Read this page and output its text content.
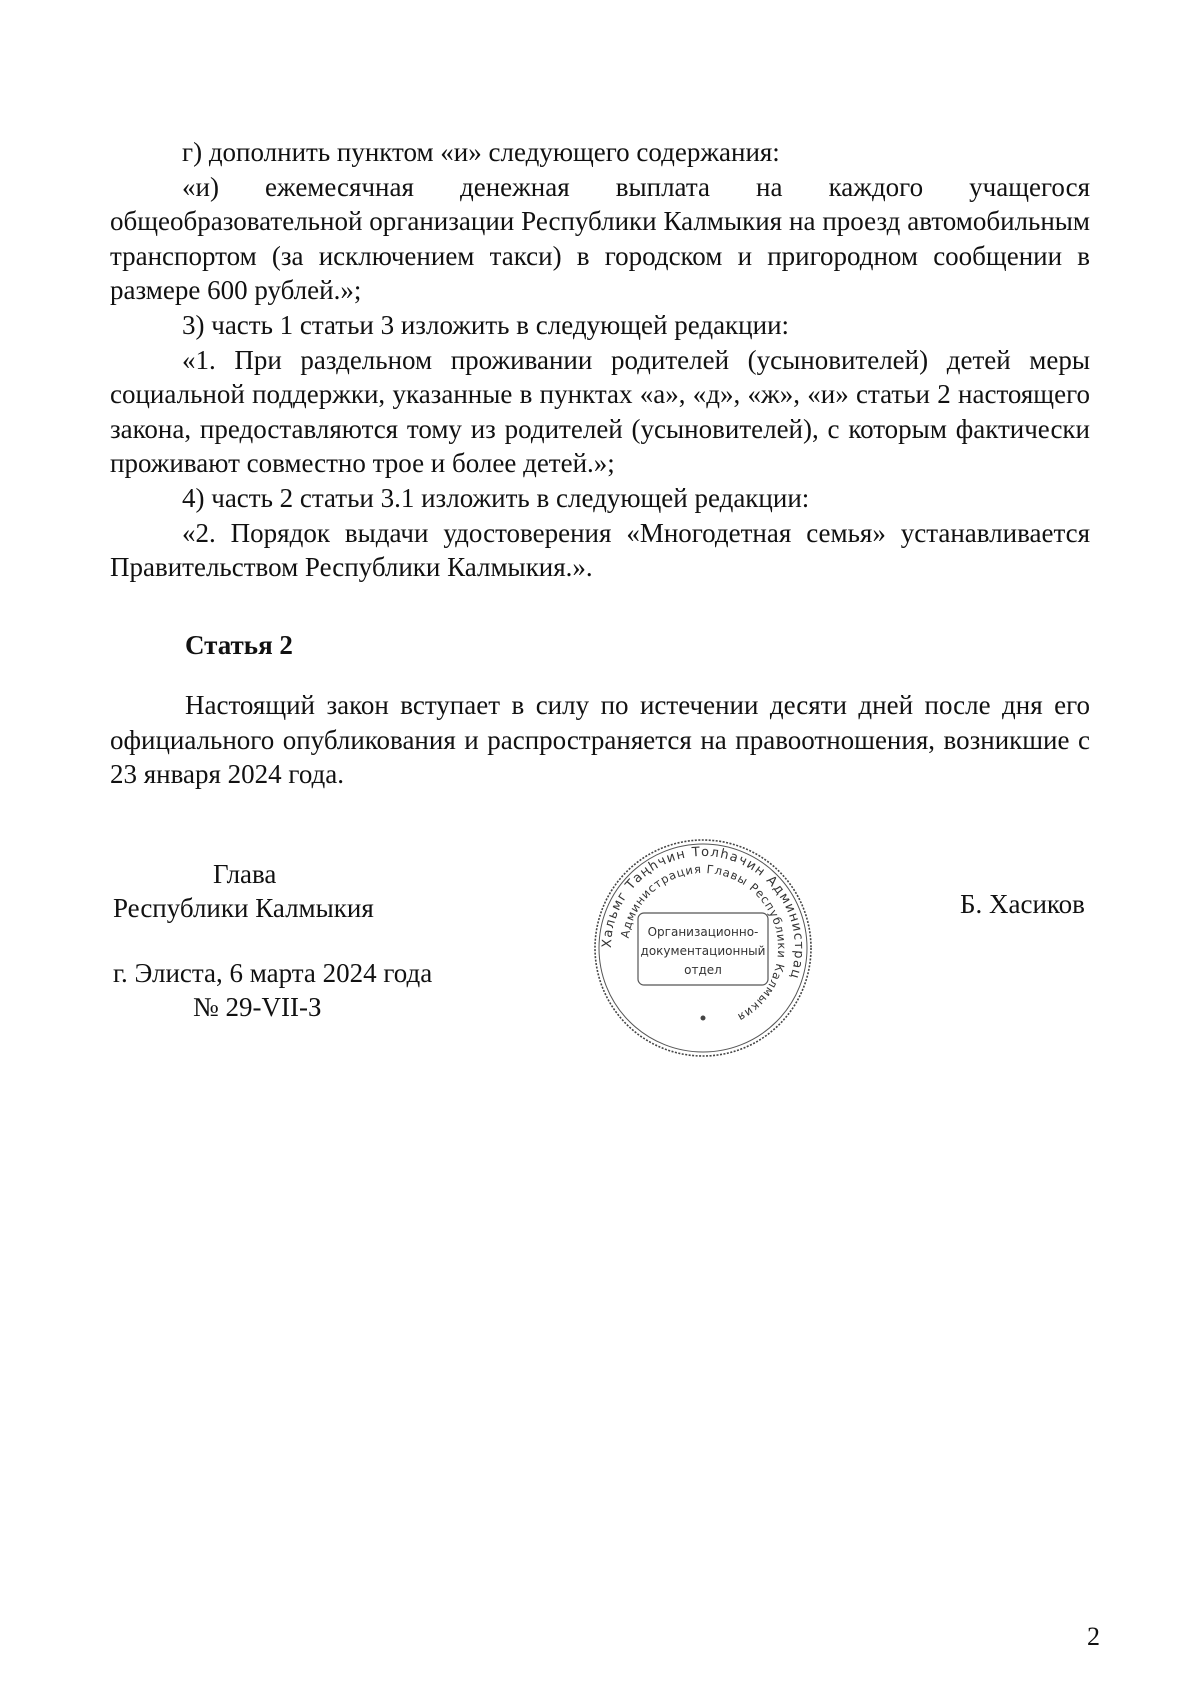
г) дополнить пунктом «и» следующего содержания:

«и) ежемесячная денежная выплата на каждого учащегося общеобразовательной организации Республики Калмыкия на проезд автомобильным транспортом (за исключением такси) в городском и пригородном сообщении в размере 600 рублей.»;

3) часть 1 статьи 3 изложить в следующей редакции:

«1. При раздельном проживании родителей (усыновителей) детей меры социальной поддержки, указанные в пунктах «а», «д», «ж», «и» статьи 2 настоящего закона, предоставляются тому из родителей (усыновителей), с которым фактически проживают совместно трое и более детей.»;

4) часть 2 статьи 3.1 изложить в следующей редакции:

«2. Порядок выдачи удостоверения «Многодетная семья» устанавливается Правительством Республики Калмыкия.».

Статья 2

Настоящий закон вступает в силу по истечении десяти дней после дня его официального опубликования и распространяется на правоотношения, возникшие с 23 января 2024 года.

Глава
Республики Калмыкия	Б. Хасиков
г. Элиста, 6 марта 2024 года
№ 29-VII-З
Хальмг Таңһчин Толһачин Администрац
Администрация Главы Республики Калмыкия
Организационно-
документационный
отдел
2
